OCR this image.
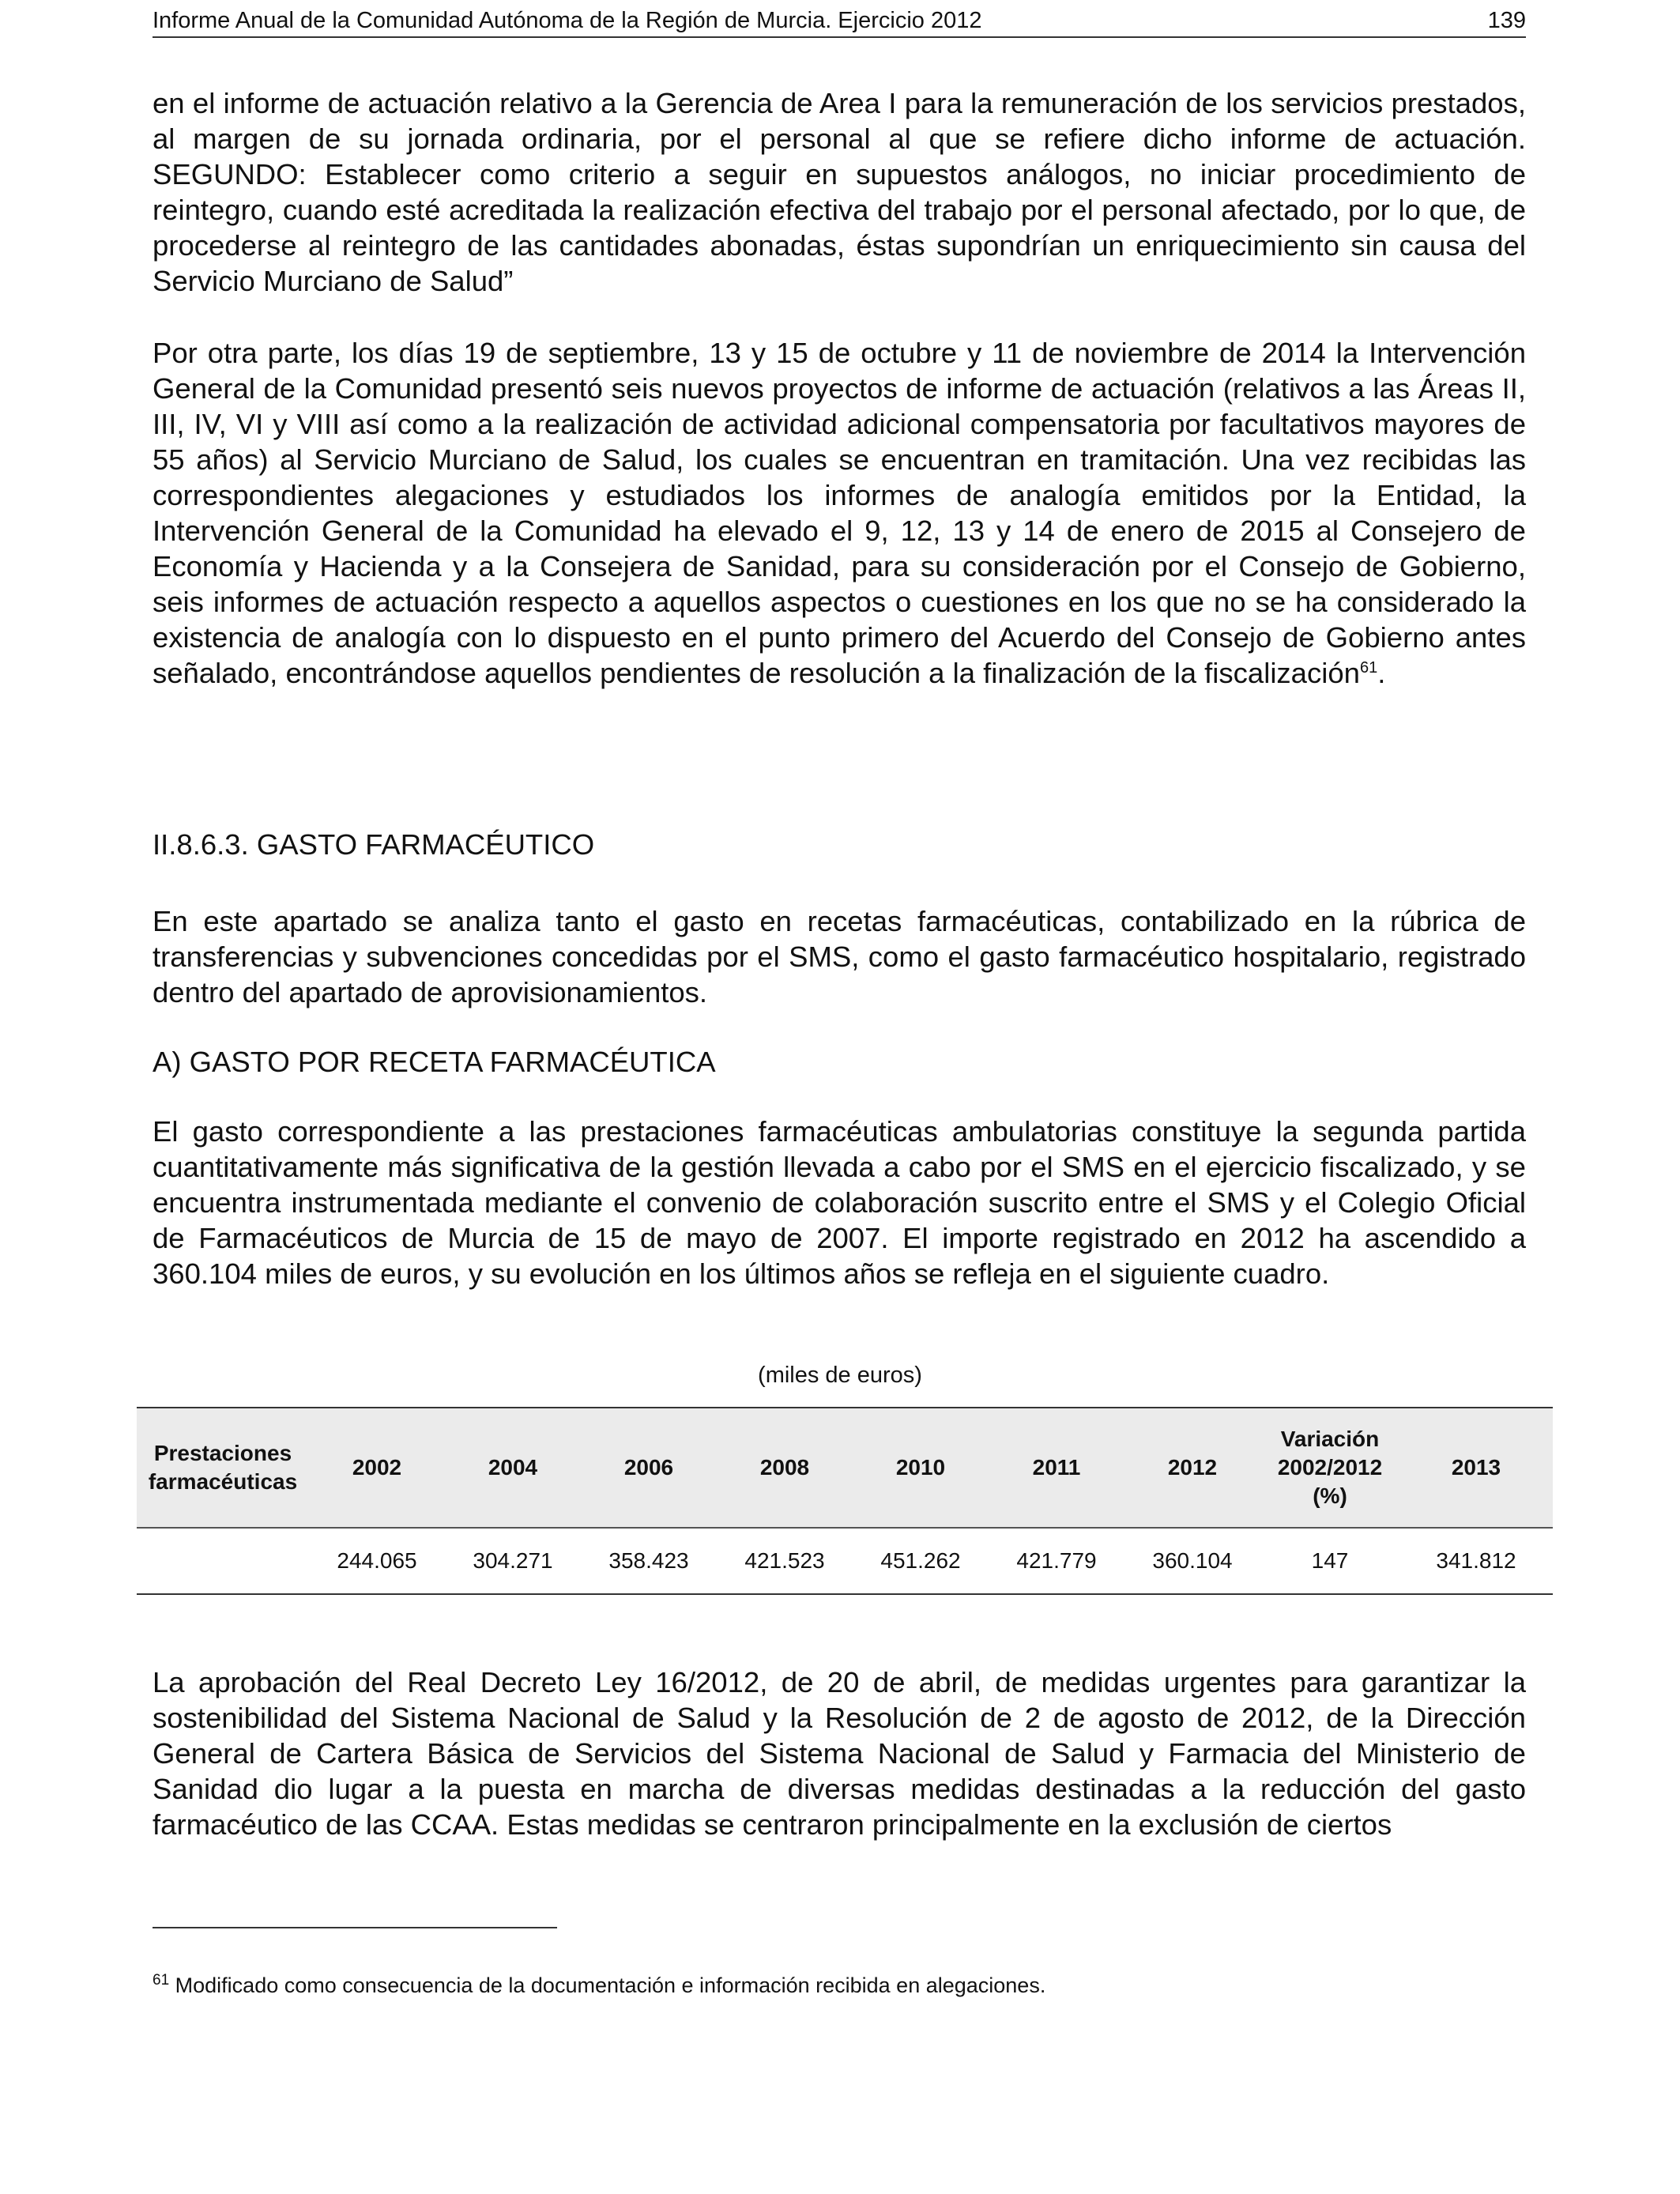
Informe Anual de la Comunidad Autónoma de la Región de Murcia. Ejercicio 2012	139

en el informe de actuación relativo a la Gerencia de Area I para la remuneración de los servicios prestados, al margen de su jornada ordinaria, por el personal al que se refiere dicho informe de actuación. SEGUNDO: Establecer como criterio a seguir en supuestos análogos, no iniciar procedimiento de reintegro, cuando esté acreditada la realización efectiva del trabajo por el personal afectado, por lo que, de procederse al reintegro de las cantidades abonadas, éstas supondrían un enriquecimiento sin causa del Servicio Murciano de Salud”

Por otra parte, los días 19 de septiembre, 13 y 15 de octubre y 11 de noviembre de 2014 la Intervención General de la Comunidad presentó seis nuevos proyectos de informe de actuación (relativos a las Áreas II, III, IV, VI y VIII así como a la realización de actividad adicional compensatoria por facultativos mayores de 55 años) al Servicio Murciano de Salud, los cuales se encuentran en tramitación. Una vez recibidas las correspondientes alegaciones y estudiados los informes de analogía emitidos por la Entidad, la Intervención General de la Comunidad ha elevado el 9, 12, 13 y 14 de enero de 2015 al Consejero de Economía y Hacienda y a la Consejera de Sanidad, para su consideración por el Consejo de Gobierno, seis informes de actuación respecto a aquellos aspectos o cuestiones en los que no se ha considerado la existencia de analogía con lo dispuesto en el punto primero del Acuerdo del Consejo de Gobierno antes señalado, encontrándose aquellos pendientes de resolución a la finalización de la fiscalización$^{61}$.

II.8.6.3. GASTO FARMACÉUTICO

En este apartado se analiza tanto el gasto en recetas farmacéuticas, contabilizado en la rúbrica de transferencias y subvenciones concedidas por el SMS, como el gasto farmacéutico hospitalario, registrado dentro del apartado de aprovisionamientos.

A) GASTO POR RECETA FARMACÉUTICA

El gasto correspondiente a las prestaciones farmacéuticas ambulatorias constituye la segunda partida cuantitativamente más significativa de la gestión llevada a cabo por el SMS en el ejercicio fiscalizado, y se encuentra instrumentada mediante el convenio de colaboración suscrito entre el SMS y el Colegio Oficial de Farmacéuticos de Murcia de 15 de mayo de 2007. El importe registrado en 2012 ha ascendido a 360.104 miles de euros, y su evolución en los últimos años se refleja en el siguiente cuadro.

(miles de euros)
Prestaciones farmacéuticas	2002	2004	2006	2008	2010	2011	2012	Variación 2002/2012 (%)	2013
	244.065	304.271	358.423	421.523	451.262	421.779	360.104	147	341.812

La aprobación del Real Decreto Ley 16/2012, de 20 de abril, de medidas urgentes para garantizar la sostenibilidad del Sistema Nacional de Salud y la Resolución de 2 de agosto de 2012, de la Dirección General de Cartera Básica de Servicios del Sistema Nacional de Salud y Farmacia del Ministerio de Sanidad dio lugar a la puesta en marcha de diversas medidas destinadas a la reducción del gasto farmacéutico de las CCAA. Estas medidas se centraron principalmente en la exclusión de ciertos

$^{61}$ Modificado como consecuencia de la documentación e información recibida en alegaciones.
